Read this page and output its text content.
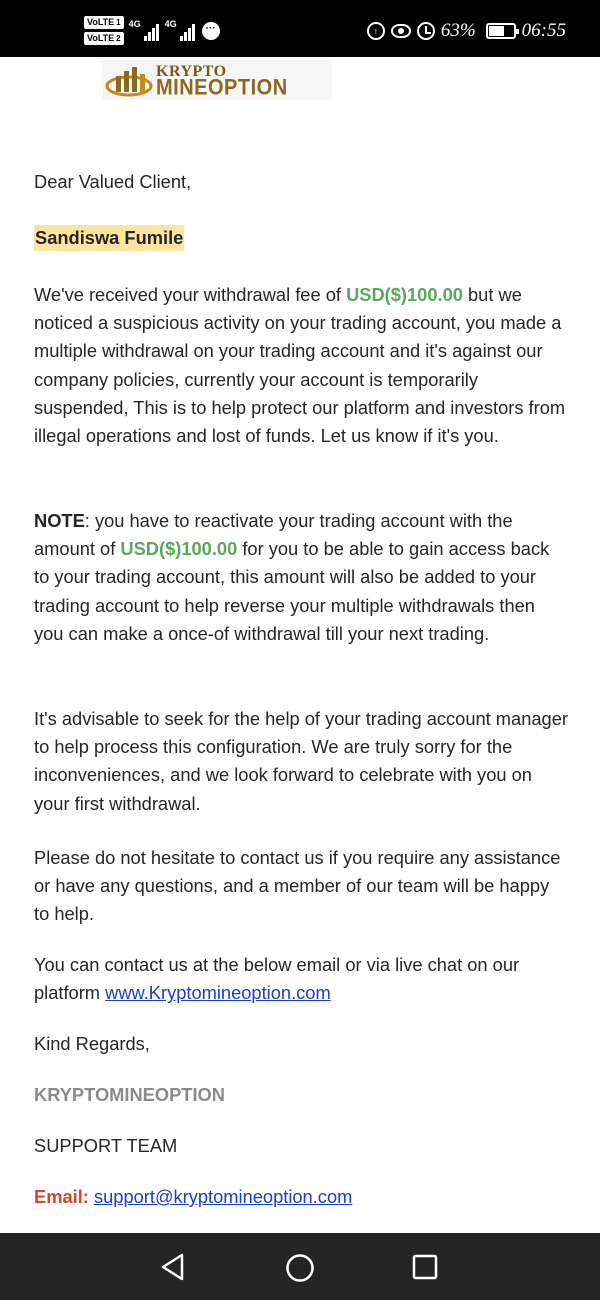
VoLTE 1
VoLTE 2
4G	4G	···	↑	63% 06:55
KRYPTO
MINEOPTION
Dear Valued Client,
Sandiswa Fumile
We've received your withdrawal fee of USD($)100.00 but we noticed a suspicious activity on your trading account, you made a multiple withdrawal on your trading account and it's against our company policies, currently your account is temporarily suspended, This is to help protect our platform and investors from illegal operations and lost of funds. Let us know if it's you.
NOTE: you have to reactivate your trading account with the amount of USD($)100.00 for you to be able to gain access back to your trading account, this amount will also be added to your trading account to help reverse your multiple withdrawals then you can make a once-of withdrawal till your next trading.
It's advisable to seek for the help of your trading account manager to help process this configuration. We are truly sorry for the inconveniences, and we look forward to celebrate with you on your first withdrawal.
Please do not hesitate to contact us if you require any assistance or have any questions, and a member of our team will be happy to help.
You can contact us at the below email or via live chat on our platform www.Kryptomineoption.com
Kind Regards,
KRYPTOMINEOPTION
SUPPORT TEAM
Email: support@kryptomineoption.com
